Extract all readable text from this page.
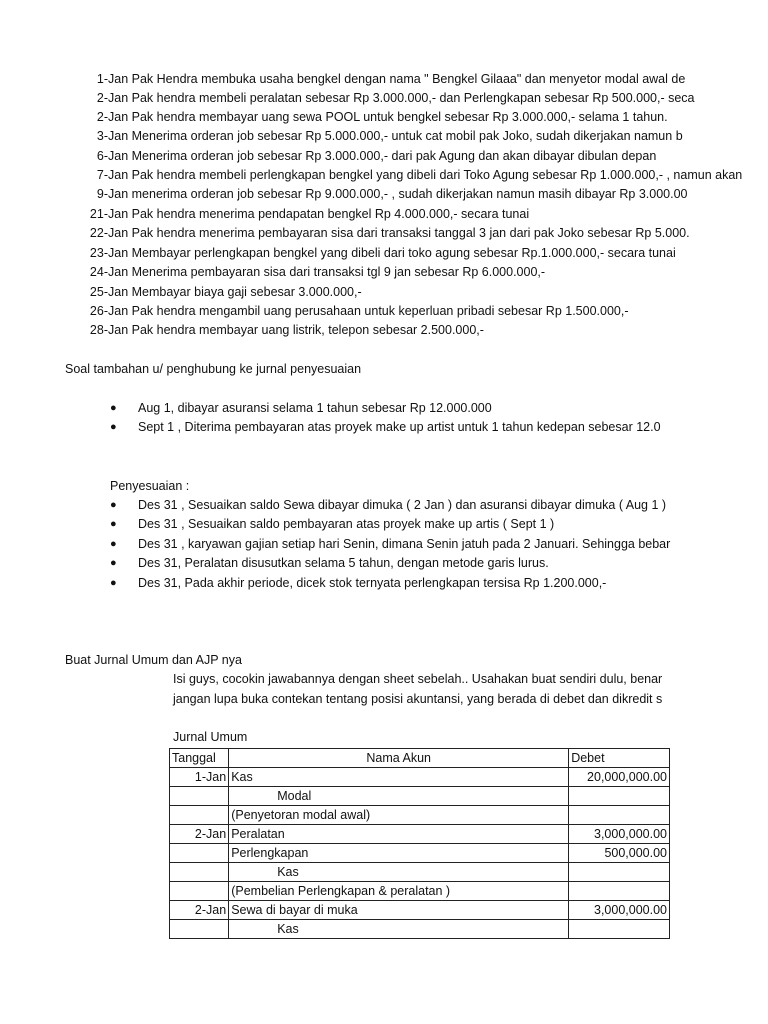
1-Jan Pak Hendra membuka usaha bengkel dengan nama " Bengkel Gilaaa" dan menyetor modal awal de
2-Jan Pak hendra membeli peralatan sebesar Rp 3.000.000,- dan Perlengkapan sebesar Rp 500.000,- seca
2-Jan Pak hendra membayar uang sewa POOL untuk bengkel sebesar Rp 3.000.000,- selama 1 tahun.
3-Jan Menerima orderan job sebesar Rp 5.000.000,- untuk cat mobil pak Joko, sudah dikerjakan namun b
6-Jan Menerima orderan job sebesar Rp 3.000.000,- dari pak Agung dan akan dibayar dibulan depan
7-Jan Pak hendra membeli perlengkapan bengkel yang dibeli dari Toko Agung sebesar Rp 1.000.000,- , namun akan
9-Jan menerima orderan job sebesar Rp 9.000.000,- , sudah dikerjakan namun masih dibayar Rp 3.000.00
21-Jan Pak hendra menerima pendapatan bengkel Rp 4.000.000,- secara tunai
22-Jan Pak hendra menerima pembayaran sisa dari transaksi tanggal 3 jan dari pak Joko sebesar Rp 5.000.
23-Jan Membayar perlengkapan bengkel yang dibeli dari toko agung sebesar Rp.1.000.000,- secara tunai
24-Jan Menerima pembayaran sisa dari transaksi tgl 9 jan sebesar Rp 6.000.000,-
25-Jan Membayar biaya gaji sebesar 3.000.000,-
26-Jan Pak hendra mengambil uang perusahaan untuk keperluan pribadi sebesar Rp 1.500.000,-
28-Jan Pak hendra membayar uang listrik, telepon sebesar 2.500.000,-
Soal tambahan u/ penghubung ke jurnal penyesuaian
● Aug 1, dibayar asuransi selama 1 tahun sebesar Rp 12.000.000
● Sept 1 , Diterima pembayaran atas proyek make up artist untuk 1 tahun kedepan sebesar 12.0
Penyesuaian :
● Des 31 , Sesuaikan saldo Sewa dibayar dimuka ( 2 Jan ) dan asuransi dibayar dimuka ( Aug 1 )
● Des 31 , Sesuaikan saldo pembayaran atas proyek make up artis ( Sept 1 )
● Des 31 , karyawan gajian setiap hari Senin, dimana Senin jatuh pada 2 Januari. Sehingga bebar
● Des 31, Peralatan disusutkan selama 5 tahun, dengan metode garis lurus.
● Des 31, Pada akhir periode, dicek stok ternyata perlengkapan tersisa Rp 1.200.000,-
Buat Jurnal Umum dan AJP nya
Isi guys, cocokin jawabannya dengan sheet sebelah.. Usahakan buat sendiri dulu, benar
jangan lupa buka contekan tentang posisi akuntansi, yang berada di debet dan dikredit s
Jurnal Umum
Tanggal	Nama Akun	Debet
1-Jan	Kas	20,000,000.00
	Modal	
	(Penyetoran modal awal)	
2-Jan	Peralatan	3,000,000.00
	Perlengkapan	500,000.00
	Kas	
	(Pembelian Perlengkapan & peralatan )	
2-Jan	Sewa di bayar di muka	3,000,000.00
	Kas	
